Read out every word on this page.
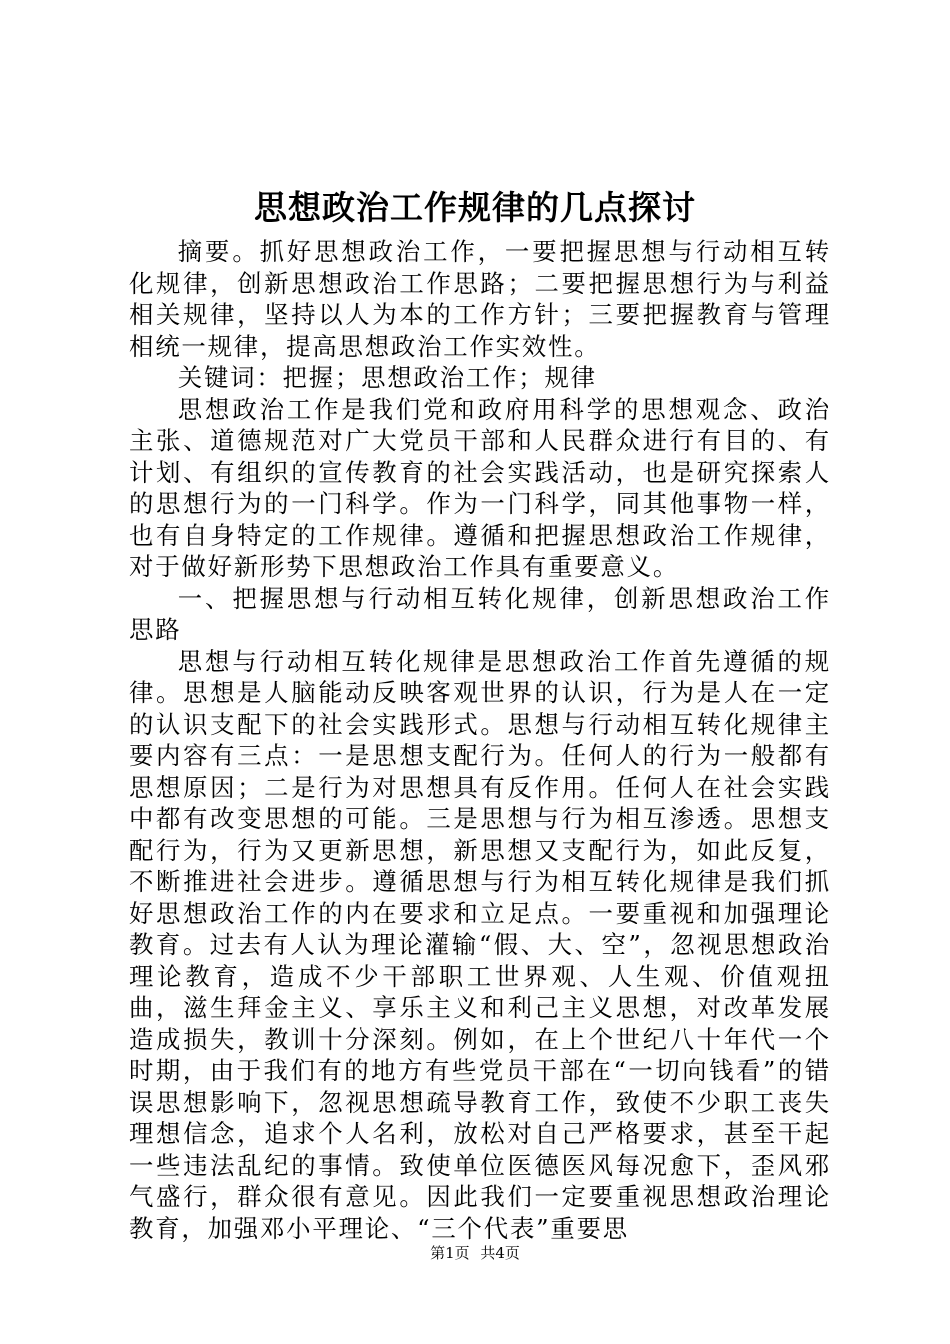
思想政治工作规律的几点探讨

摘要。抓好思想政治工作，一要把握思想与行动相互转化规律，创新思想政治工作思路；二要把握思想行为与利益相关规律，坚持以人为本的工作方针；三要把握教育与管理相统一规律，提高思想政治工作实效性。

关键词：把握；思想政治工作；规律

思想政治工作是我们党和政府用科学的思想观念、政治主张、道德规范对广大党员干部和人民群众进行有目的、有计划、有组织的宣传教育的社会实践活动，也是研究探索人的思想行为的一门科学。作为一门科学，同其他事物一样，也有自身特定的工作规律。遵循和把握思想政治工作规律，对于做好新形势下思想政治工作具有重要意义。

一、把握思想与行动相互转化规律，创新思想政治工作思路

思想与行动相互转化规律是思想政治工作首先遵循的规律。思想是人脑能动反映客观世界的认识，行为是人在一定的认识支配下的社会实践形式。思想与行动相互转化规律主要内容有三点：一是思想支配行为。任何人的行为一般都有思想原因；二是行为对思想具有反作用。任何人在社会实践中都有改变思想的可能。三是思想与行为相互渗透。思想支配行为，行为又更新思想，新思想又支配行为，如此反复，不断推进社会进步。遵循思想与行为相互转化规律是我们抓好思想政治工作的内在要求和立足点。一要重视和加强理论教育。过去有人认为理论灌输“假、大、空”，忽视思想政治理论教育，造成不少干部职工世界观、人生观、价值观扭曲，滋生拜金主义、享乐主义和利己主义思想，对改革发展造成损失，教训十分深刻。例如，在上个世纪八十年代一个时期，由于我们有的地方有些党员干部在“一切向钱看”的错误思想影响下，忽视思想疏导教育工作，致使不少职工丧失理想信念，追求个人名利，放松对自己严格要求，甚至干起一些违法乱纪的事情。致使单位医德医风每况愈下，歪风邪气盛行，群众很有意见。因此我们一定要重视思想政治理论教育，加强邓小平理论、“三个代表”重要思

第1页 共4页
